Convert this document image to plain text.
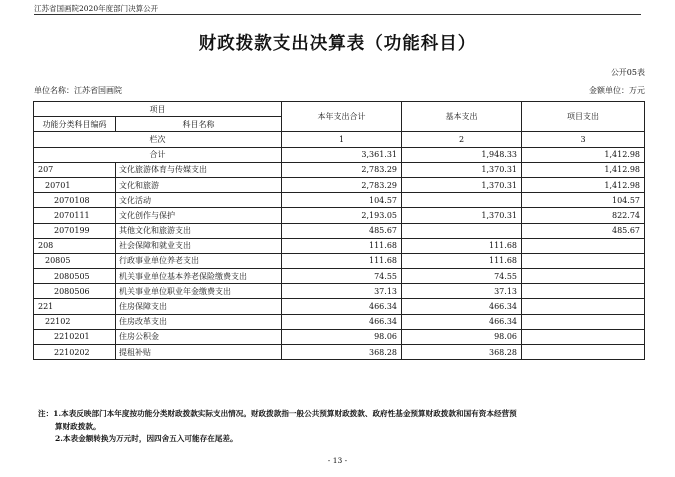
江苏省国画院2020年度部门决算公开
财政拨款支出决算表（功能科目）
公开05表
单位名称：江苏省国画院	金额单位：万元
项目		本年支出合计	基本支出	项目支出
功能分类科目编码	科目名称			
栏次		1	2	3
合计		3,361.31	1,948.33	1,412.98
207	文化旅游体育与传媒支出	2,783.29	1,370.31	1,412.98
20701	文化和旅游	2,783.29	1,370.31	1,412.98
2070108	文化活动	104.57		104.57
2070111	文化创作与保护	2,193.05	1,370.31	822.74
2070199	其他文化和旅游支出	485.67		485.67
208	社会保障和就业支出	111.68	111.68	
20805	行政事业单位养老支出	111.68	111.68	
2080505	机关事业单位基本养老保险缴费支出	74.55	74.55	
2080506	机关事业单位职业年金缴费支出	37.13	37.13	
221	住房保障支出	466.34	466.34	
22102	住房改革支出	466.34	466.34	
2210201	住房公积金	98.06	98.06	
2210202	提租补贴	368.28	368.28	
注：1.本表反映部门本年度按功能分类财政拨款实际支出情况。财政拨款指一般公共预算财政拨款、政府性基金预算财政拨款和国有资本经营预
算财政拨款。
2.本表金额转换为万元时，因四舍五入可能存在尾差。
- 13 -
